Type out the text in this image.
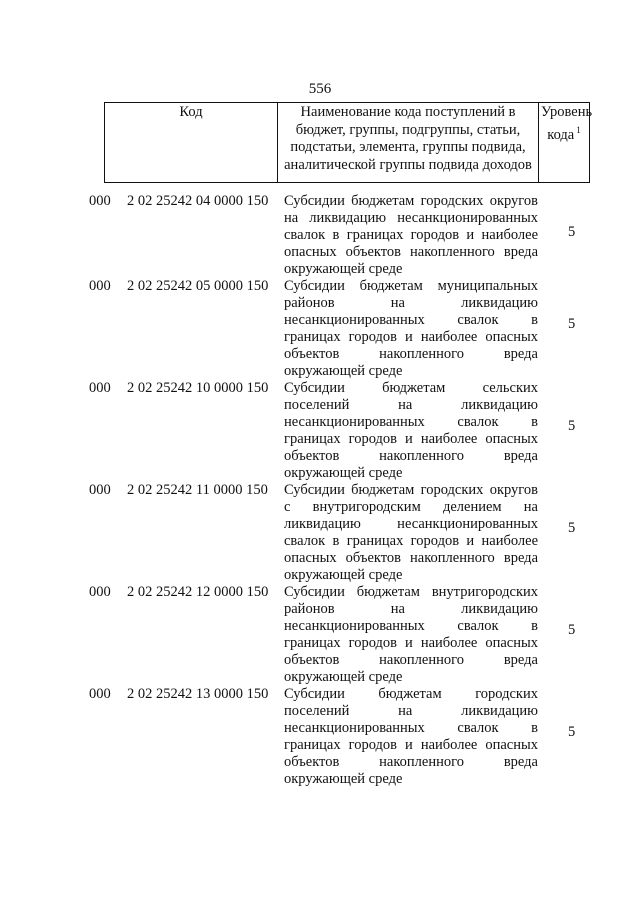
556
Код	Наименование кода поступлений в бюджет, группы, подгруппы, статьи, подстатьи, элемента, группы подвида, аналитической группы подвида доходов	Уровень кода $^1$
000 2 02 25242 04 0000 150 Субсидии бюджетам городских округов на ликвидацию несанкционированных свалок в границах городов и наиболее опасных объектов накопленного вреда окружающей среде
5
000 2 02 25242 05 0000 150 Субсидии бюджетам муниципальных районов на ликвидацию несанкционированных свалок в границах городов и наиболее опасных объектов накопленного вреда окружающей среде
5
000 2 02 25242 10 0000 150 Субсидии бюджетам сельских поселений на ликвидацию несанкционированных свалок в границах городов и наиболее опасных объектов накопленного вреда окружающей среде
5
000 2 02 25242 11 0000 150 Субсидии бюджетам городских округов с внутригородским делением на ликвидацию несанкционированных свалок в границах городов и наиболее опасных объектов накопленного вреда окружающей среде
5
000 2 02 25242 12 0000 150 Субсидии бюджетам внутригородских районов на ликвидацию несанкционированных свалок в границах городов и наиболее опасных объектов накопленного вреда окружающей среде
5
000 2 02 25242 13 0000 150 Субсидии бюджетам городских поселений на ликвидацию несанкционированных свалок в границах городов и наиболее опасных объектов накопленного вреда окружающей среде
5
